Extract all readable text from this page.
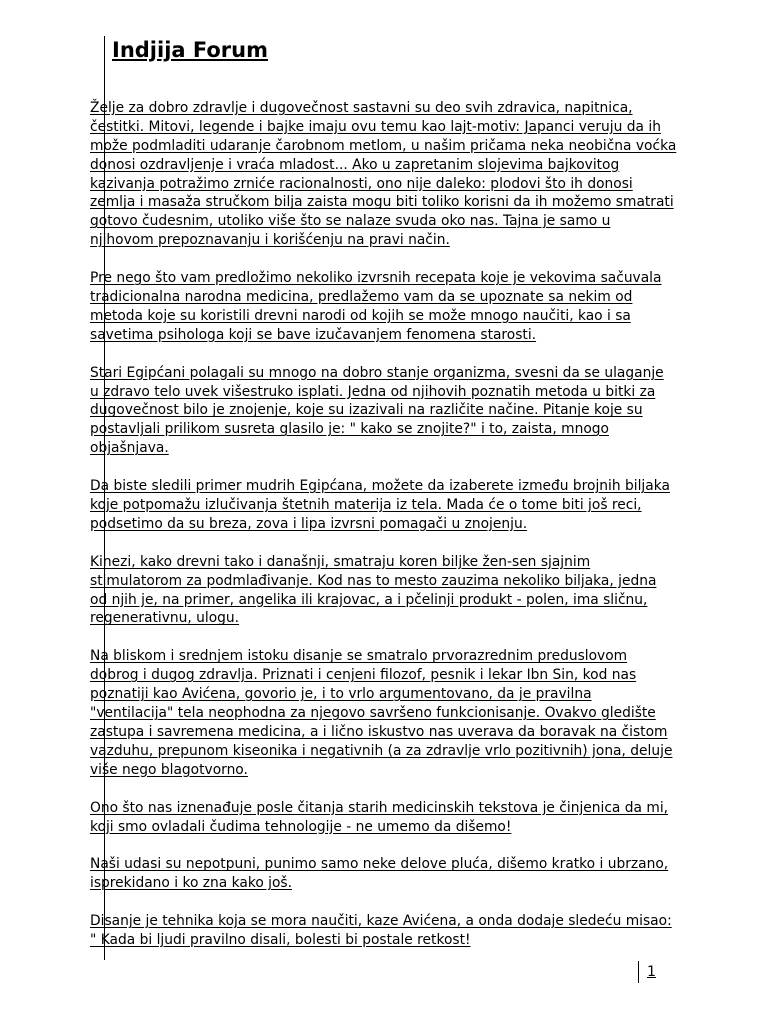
Indjija Forum

Želje za dobro zdravlje i dugovečnost sastavni su deo svih zdravica, napitnica,
čestitki. Mitovi, legende i bajke imaju ovu temu kao lajt-motiv: Japanci veruju da ih
može podmladiti udaranje čarobnom metlom, u našim pričama neka neobična voćka
donosi ozdravljenje i vraća mladost... Ako u zapretanim slojevima bajkovitog
kazivanja potražimo zrniće racionalnosti, ono nije daleko: plodovi što ih donosi
zemlja i masaža stručkom bilja zaista mogu biti toliko korisni da ih možemo smatrati
gotovo čudesnim, utoliko više što se nalaze svuda oko nas. Tajna je samo u
njihovom prepoznavanju i korišćenju na pravi način.

Pre nego što vam predložimo nekoliko izvrsnih recepata koje je vekovima sačuvala
tradicionalna narodna medicina, predlažemo vam da se upoznate sa nekim od
metoda koje su koristili drevni narodi od kojih se može mnogo naučiti, kao i sa
savetima psihologa koji se bave izučavanjem fenomena starosti.

Stari Egipćani polagali su mnogo na dobro stanje organizma, svesni da se ulaganje
u zdravo telo uvek višestruko isplati. Jedna od njihovih poznatih metoda u bitki za
dugovečnost bilo je znojenje, koje su izazivali na različite načine. Pitanje koje su
postavljali prilikom susreta glasilo je: " kako se znojite?" i to, zaista, mnogo
objašnjava.

Da biste sledili primer mudrih Egipćana, možete da izaberete između brojnih biljaka
koje potpomažu izlučivanja štetnih materija iz tela. Mada će o tome biti još reci,
podsetimo da su breza, zova i lipa izvrsni pomagači u znojenju.

Kinezi, kako drevni tako i današnji, smatraju koren biljke žen-sen sjajnim
stimulatorom za podmlađivanje. Kod nas to mesto zauzima nekoliko biljaka, jedna
od njih je, na primer, angelika ili krajovac, a i pčelinji produkt - polen, ima sličnu,
regenerativnu, ulogu.

Na bliskom i srednjem istoku disanje se smatralo prvorazrednim preduslovom
dobrog i dugog zdravlja. Priznati i cenjeni filozof, pesnik i lekar Ibn Sin, kod nas
poznatiji kao Avićena, govorio je, i to vrlo argumentovano, da je pravilna
"ventilacija" tela neophodna za njegovo savršeno funkcionisanje. Ovakvo gledište
zastupa i savremena medicina, a i lično iskustvo nas uverava da boravak na čistom
vazduhu, prepunom kiseonika i negativnih (a za zdravlje vrlo pozitivnih) jona, deluje
više nego blagotvorno.

Ono što nas iznenađuje posle čitanja starih medicinskih tekstova je činjenica da mi,
koji smo ovladali čudima tehnologije - ne umemo da dišemo!

Naši udasi su nepotpuni, punimo samo neke delove pluća, dišemo kratko i ubrzano,
isprekidano i ko zna kako još.

Disanje je tehnika koja se mora naučiti, kaze Avićena, a onda dodaje sledeću misao:
" Kada bi ljudi pravilno disali, bolesti bi postale retkost!

1
